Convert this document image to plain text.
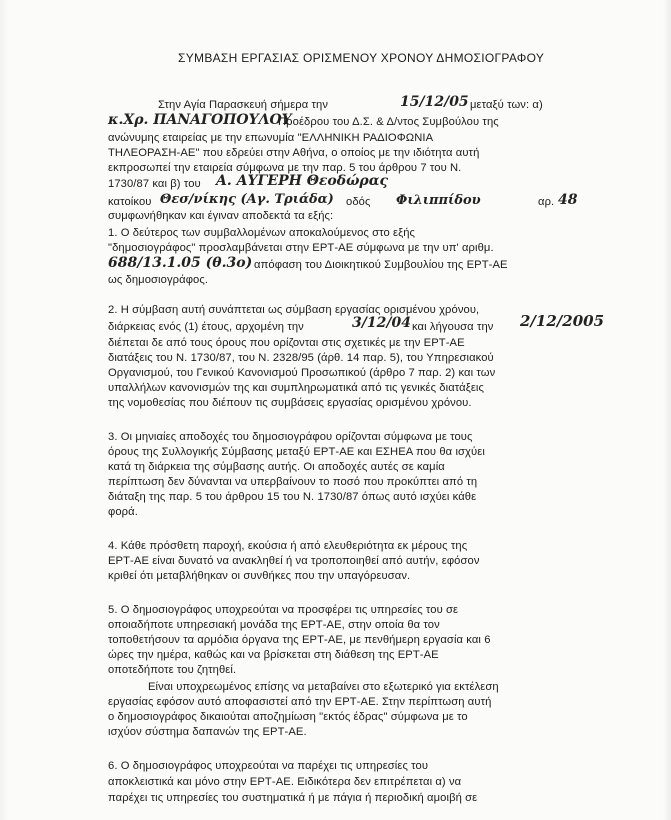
ΣΥΜΒΑΣΗ ΕΡΓΑΣΙΑΣ ΟΡΙΣΜΕΝΟΥ ΧΡΟΝΟΥ ΔΗΜΟΣΙΟΓΡΑΦΟΥ
Στην Αγία Παρασκευή σήμερα την	15/12/05 μεταξύ των: α)
κ.Χρ. ΠΑΝΑΓΟΠΟΥΛΟΥ
Προέδρου του Δ.Σ. & Δ/ντος Συμβούλου της
ανώνυμης εταιρείας με την επωνυμία "ΕΛΛΗΝΙΚΗ ΡΑΔΙΟΦΩΝΙΑ
ΤΗΛΕΟΡΑΣΗ-ΑΕ" που εδρεύει στην Αθήνα, ο οποίος με την ιδιότητα αυτή
εκπροσωπεί την εταιρεία σύμφωνα με την παρ. 5 του άρθρου 7 του Ν.
1730/87 και β) του Α. ΑΥΓΕΡΗ Θεοδώρας
κατοίκου Θεσ/νίκης (Αγ. Τριάδα) οδός Φιλιππίδου	αρ. 48
συμφωνήθηκαν και έγιναν αποδεκτά τα εξής:
1. Ο δεύτερος των συμβαλλομένων αποκαλούμενος στο εξής
"δημοσιογράφος" προσλαμβάνεται στην ΕΡΤ-ΑΕ σύμφωνα με την υπ' αριθμ.
688/13.1.05 (θ.3ο) απόφαση του Διοικητικού Συμβουλίου της ΕΡΤ-ΑΕ
ως δημοσιογράφος.
2. Η σύμβαση αυτή συνάπτεται ως σύμβαση εργασίας ορισμένου χρόνου,
διάρκειας ενός (1) έτους, αρχομένη την	3/12/04 και λήγουσα την 2/12/2005
διέπεται δε από τους όρους που ορίζονται στις σχετικές με την ΕΡΤ-ΑΕ
διατάξεις του Ν. 1730/87, του Ν. 2328/95 (άρθ. 14 παρ. 5), του Υπηρεσιακού
Οργανισμού, του Γενικού Κανονισμού Προσωπικού (άρθρο 7 παρ. 2) και των
υπαλλήλων κανονισμών της και συμπληρωματικά από τις γενικές διατάξεις
της νομοθεσίας που διέπουν τις συμβάσεις εργασίας ορισμένου χρόνου.
3. Οι μηνιαίες αποδοχές του δημοσιογράφου ορίζονται σύμφωνα με τους
όρους της Συλλογικής Σύμβασης μεταξύ ΕΡΤ-ΑΕ και ΕΣΗΕΑ που θα ισχύει
κατά τη διάρκεια της σύμβασης αυτής. Οι αποδοχές αυτές σε καμία
περίπτωση δεν δύνανται να υπερβαίνουν το ποσό που προκύπτει από τη
διάταξη της παρ. 5 του άρθρου 15 του Ν. 1730/87 όπως αυτό ισχύει κάθε
φορά.
4. Κάθε πρόσθετη παροχή, εκούσια ή από ελευθεριότητα εκ μέρους της
ΕΡΤ-ΑΕ είναι δυνατό να ανακληθεί ή να τροποποιηθεί από αυτήν, εφόσον
κριθεί ότι μεταβλήθηκαν οι συνθήκες που την υπαγόρευσαν.
5. Ο δημοσιογράφος υποχρεούται να προσφέρει τις υπηρεσίες του σε
οποιαδήποτε υπηρεσιακή μονάδα της ΕΡΤ-ΑΕ, στην οποία θα τον
τοποθετήσουν τα αρμόδια όργανα της ΕΡΤ-ΑΕ, με πενθήμερη εργασία και 6
ώρες την ημέρα, καθώς και να βρίσκεται στη διάθεση της ΕΡΤ-ΑΕ
οποτεδήποτε του ζητηθεί.
Είναι υποχρεωμένος επίσης να μεταβαίνει στο εξωτερικό για εκτέλεση
εργασίας εφόσον αυτό αποφασιστεί από την ΕΡΤ-ΑΕ. Στην περίπτωση αυτή
ο δημοσιογράφος δικαιούται αποζημίωση "εκτός έδρας" σύμφωνα με το
ισχύον σύστημα δαπανών της ΕΡΤ-ΑΕ.
6. Ο δημοσιογράφος υποχρεούται να παρέχει τις υπηρεσίες του
αποκλειστικά και μόνο στην ΕΡΤ-ΑΕ. Ειδικότερα δεν επιτρέπεται α) να
παρέχει τις υπηρεσίες του συστηματικά ή με πάγια ή περιοδική αμοιβή σε
